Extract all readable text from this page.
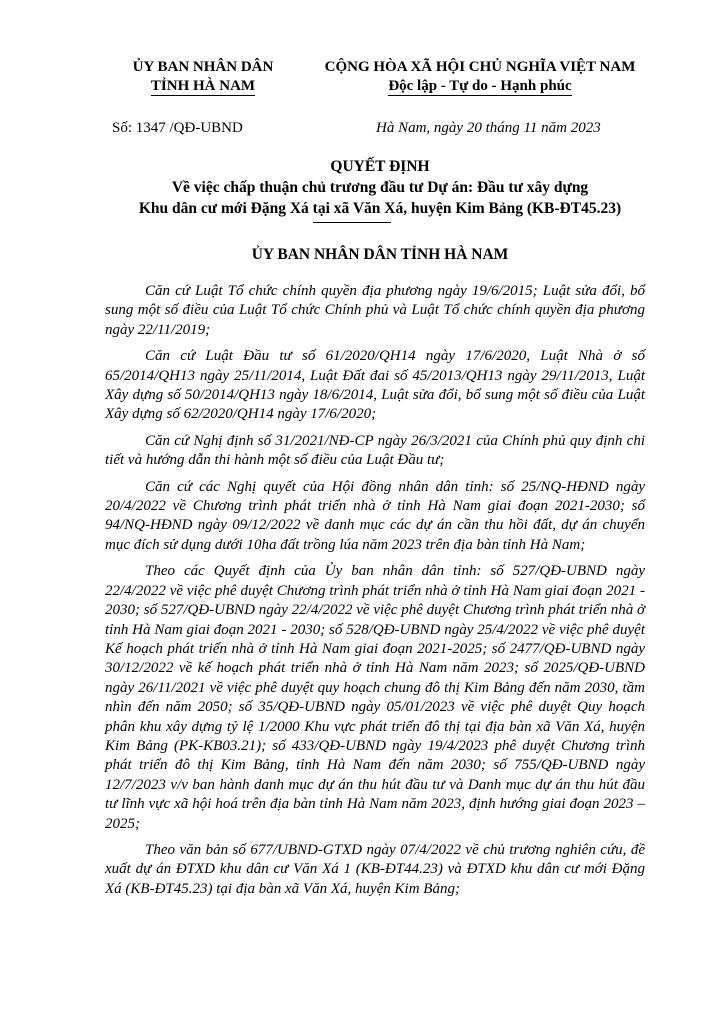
ỦY BAN NHÂN DÂN
TỈNH HÀ NAM
CỘNG HÒA XÃ HỘI CHỦ NGHĨA VIỆT NAM
Độc lập - Tự do - Hạnh phúc
Số: 1347 /QĐ-UBND	Hà Nam, ngày 20 tháng 11 năm 2023
QUYẾT ĐỊNH
Về việc chấp thuận chủ trương đầu tư Dự án: Đầu tư xây dựng
Khu dân cư mới Đặng Xá tại xã Văn Xá, huyện Kim Bảng (KB-ĐT45.23)
ỦY BAN NHÂN DÂN TỈNH HÀ NAM

Căn cứ Luật Tổ chức chính quyền địa phương ngày 19/6/2015; Luật sửa đổi, bổ sung một số điều của Luật Tổ chức Chính phủ và Luật Tổ chức chính quyền địa phương ngày 22/11/2019;

Căn cứ Luật Đầu tư số 61/2020/QH14 ngày 17/6/2020, Luật Nhà ở số 65/2014/QH13 ngày 25/11/2014, Luật Đất đai số 45/2013/QH13 ngày 29/11/2013, Luật Xây dựng số 50/2014/QH13 ngày 18/6/2014, Luật sửa đổi, bổ sung một số điều của Luật Xây dựng số 62/2020/QH14 ngày 17/6/2020;

Căn cứ Nghị định số 31/2021/NĐ-CP ngày 26/3/2021 của Chính phủ quy định chi tiết và hướng dẫn thi hành một số điều của Luật Đầu tư;

Căn cứ các Nghị quyết của Hội đồng nhân dân tỉnh: số 25/NQ-HĐND ngày 20/4/2022 về Chương trình phát triển nhà ở tỉnh Hà Nam giai đoạn 2021-2030; số 94/NQ-HĐND ngày 09/12/2022 về danh mục các dự án cần thu hồi đất, dự án chuyển mục đích sử dụng dưới 10ha đất trồng lúa năm 2023 trên địa bàn tỉnh Hà Nam;

Theo các Quyết định của Ủy ban nhân dân tỉnh: số 527/QĐ-UBND ngày 22/4/2022 về việc phê duyệt Chương trình phát triển nhà ở tỉnh Hà Nam giai đoạn 2021 - 2030; số 527/QĐ-UBND ngày 22/4/2022 về việc phê duyệt Chương trình phát triển nhà ở tỉnh Hà Nam giai đoạn 2021 - 2030; số 528/QĐ-UBND ngày 25/4/2022 về việc phê duyệt Kế hoạch phát triển nhà ở tỉnh Hà Nam giai đoạn 2021-2025; số 2477/QĐ-UBND ngày 30/12/2022 về kế hoạch phát triển nhà ở tỉnh Hà Nam năm 2023; số 2025/QĐ-UBND ngày 26/11/2021 về việc phê duyệt quy hoạch chung đô thị Kim Bảng đến năm 2030, tầm nhìn đến năm 2050; số 35/QĐ-UBND ngày 05/01/2023 về việc phê duyệt Quy hoạch phân khu xây dựng tỷ lệ 1/2000 Khu vực phát triển đô thị tại địa bàn xã Văn Xá, huyện Kim Bảng (PK-KB03.21); số 433/QĐ-UBND ngày 19/4/2023 phê duyệt Chương trình phát triển đô thị Kim Bảng, tỉnh Hà Nam đến năm 2030; số 755/QĐ-UBND ngày 12/7/2023 v/v ban hành danh mục dự án thu hút đầu tư và Danh mục dự án thu hút đầu tư lĩnh vực xã hội hoá trên địa bàn tỉnh Hà Nam năm 2023, định hướng giai đoạn 2023 – 2025;

Theo văn bản số 677/UBND-GTXD ngày 07/4/2022 về chủ trương nghiên cứu, đề xuất dự án ĐTXD khu dân cư Văn Xá 1 (KB-ĐT44.23) và ĐTXD khu dân cư mới Đặng Xá (KB-ĐT45.23) tại địa bàn xã Văn Xá, huyện Kim Bảng;
